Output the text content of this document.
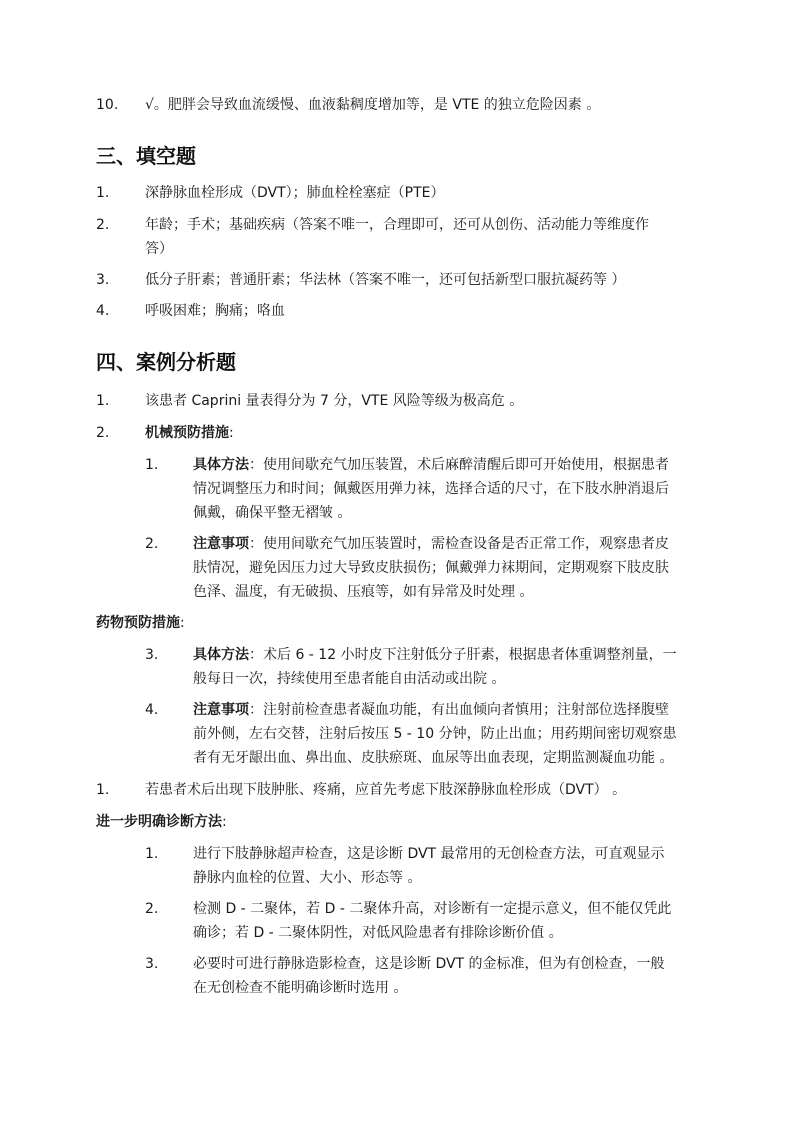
10. √。肥胖会导致血流缓慢、血液黏稠度增加等，是 VTE 的独立危险因素 。
三、填空题
1.	深静脉血栓形成（DVT）；肺血栓栓塞症（PTE）
2.	年龄；手术；基础疾病（答案不唯一，合理即可，还可从创伤、活动能力等维度作
答）
3.	低分子肝素；普通肝素；华法林（答案不唯一，还可包括新型口服抗凝药等 ）
4.	呼吸困难；胸痛；咯血
四、案例分析题
1.	该患者 Caprini 量表得分为 7 分，VTE 风险等级为极高危 。
2.	机械预防措施:
1. 具体方法：使用间歇充气加压装置，术后麻醉清醒后即可开始使用，根据患者
情况调整压力和时间；佩戴医用弹力袜，选择合适的尺寸，在下肢水肿消退后
佩戴，确保平整无褶皱 。
2. 注意事项：使用间歇充气加压装置时，需检查设备是否正常工作，观察患者皮
肤情况，避免因压力过大导致皮肤损伤；佩戴弹力袜期间，定期观察下肢皮肤
色泽、温度，有无破损、压痕等，如有异常及时处理 。
药物预防措施:
3. 具体方法：术后 6 - 12 小时皮下注射低分子肝素，根据患者体重调整剂量，一
般每日一次，持续使用至患者能自由活动或出院 。
4. 注意事项：注射前检查患者凝血功能，有出血倾向者慎用；注射部位选择腹壁
前外侧，左右交替，注射后按压 5 - 10 分钟，防止出血；用药期间密切观察患
者有无牙龈出血、鼻出血、皮肤瘀斑、血尿等出血表现，定期监测凝血功能 。
1.	若患者术后出现下肢肿胀、疼痛，应首先考虑下肢深静脉血栓形成（DVT） 。
进一步明确诊断方法:
1. 进行下肢静脉超声检查，这是诊断 DVT 最常用的无创检查方法，可直观显示
静脉内血栓的位置、大小、形态等 。
2. 检测 D - 二聚体，若 D - 二聚体升高，对诊断有一定提示意义，但不能仅凭此
确诊；若 D - 二聚体阴性，对低风险患者有排除诊断价值 。
3. 必要时可进行静脉造影检查，这是诊断 DVT 的金标准，但为有创检查，一般
在无创检查不能明确诊断时选用 。
